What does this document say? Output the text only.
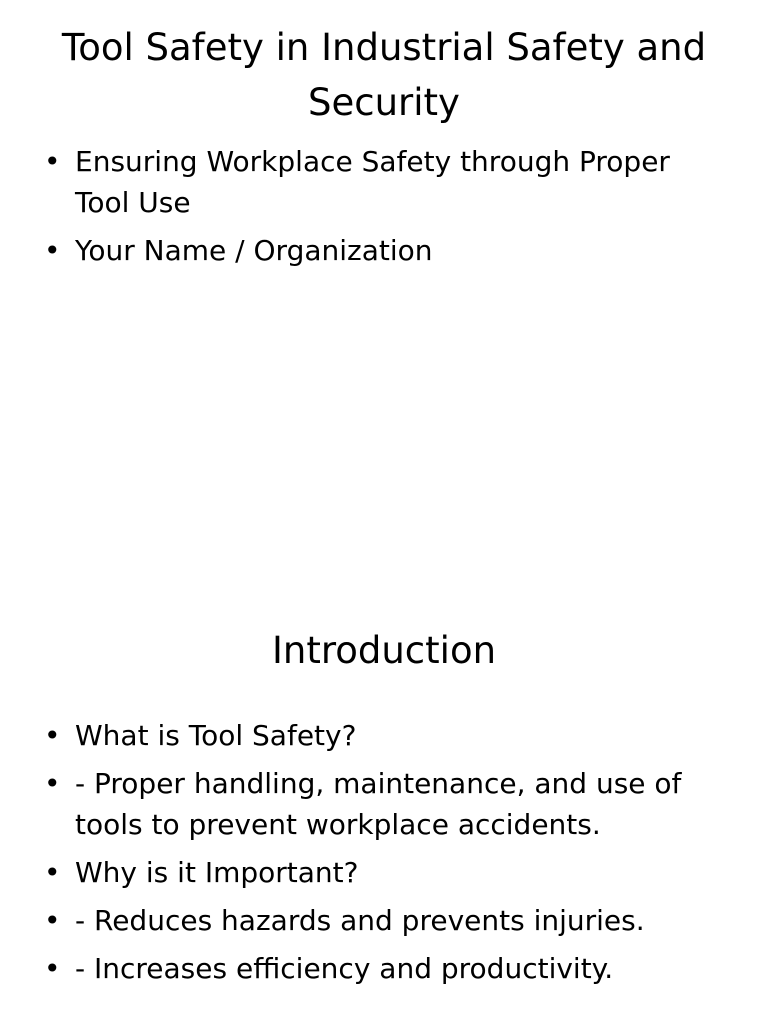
Tool Safety in Industrial Safety and Security
• Ensuring Workplace Safety through Proper Tool Use
• Your Name / Organization
Introduction
• What is Tool Safety?
• - Proper handling, maintenance, and use of tools to prevent workplace accidents.
• Why is it Important?
• - Reduces hazards and prevents injuries.
• - Increases efficiency and productivity.
